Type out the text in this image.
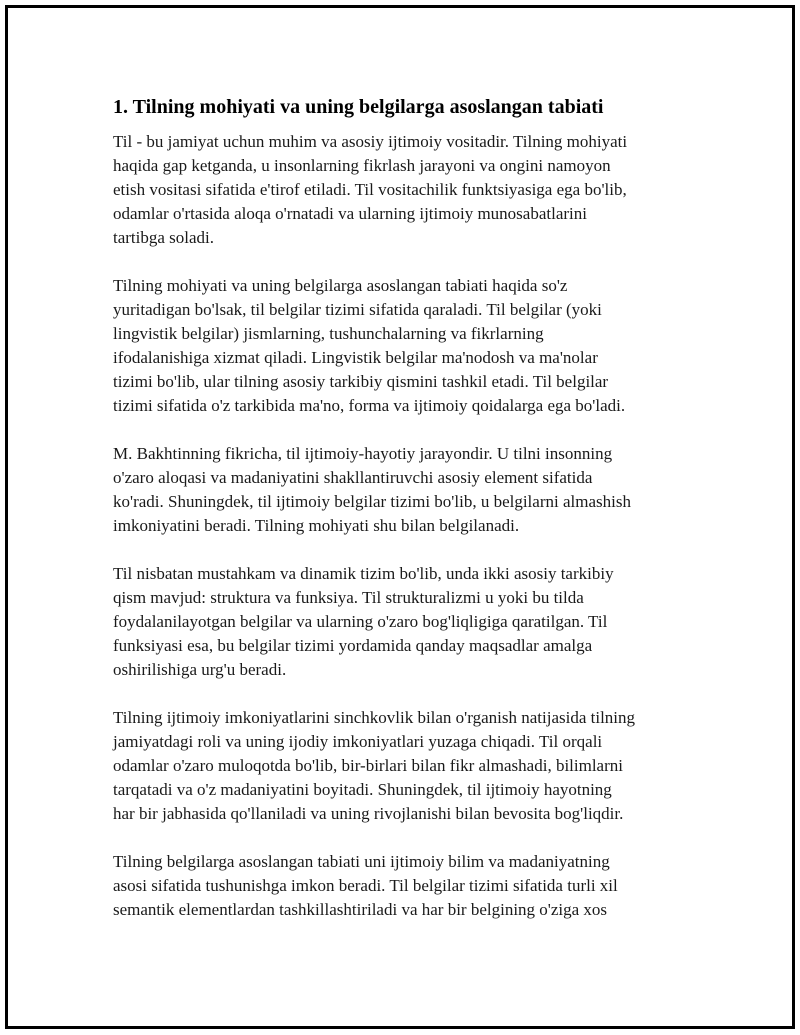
1. Tilning mohiyati va uning belgilarga asoslangan tabiati
Til - bu jamiyat uchun muhim va asosiy ijtimoiy vositadir. Tilning mohiyati
haqida gap ketganda, u insonlarning fikrlash jarayoni va ongini namoyon
etish vositasi sifatida e'tirof etiladi. Til vositachilik funktsiyasiga ega bo'lib,
odamlar o'rtasida aloqa o'rnatadi va ularning ijtimoiy munosabatlarini
tartibga soladi.
Tilning mohiyati va uning belgilarga asoslangan tabiati haqida so'z
yuritadigan bo'lsak, til belgilar tizimi sifatida qaraladi. Til belgilar (yoki
lingvistik belgilar) jismlarning, tushunchalarning va fikrlarning
ifodalanishiga xizmat qiladi. Lingvistik belgilar ma'nodosh va ma'nolar
tizimi bo'lib, ular tilning asosiy tarkibiy qismini tashkil etadi. Til belgilar
tizimi sifatida o'z tarkibida ma'no, forma va ijtimoiy qoidalarga ega bo'ladi.
M. Bakhtinning fikricha, til ijtimoiy-hayotiy jarayondir. U tilni insonning
o'zaro aloqasi va madaniyatini shakllantiruvchi asosiy element sifatida
ko'radi. Shuningdek, til ijtimoiy belgilar tizimi bo'lib, u belgilarni almashish
imkoniyatini beradi. Tilning mohiyati shu bilan belgilanadi.
Til nisbatan mustahkam va dinamik tizim bo'lib, unda ikki asosiy tarkibiy
qism mavjud: struktura va funksiya. Til strukturalizmi u yoki bu tilda
foydalanilayotgan belgilar va ularning o'zaro bog'liqligiga qaratilgan. Til
funksiyasi esa, bu belgilar tizimi yordamida qanday maqsadlar amalga
oshirilishiga urg'u beradi.
Tilning ijtimoiy imkoniyatlarini sinchkovlik bilan o'rganish natijasida tilning
jamiyatdagi roli va uning ijodiy imkoniyatlari yuzaga chiqadi. Til orqali
odamlar o'zaro muloqotda bo'lib, bir-birlari bilan fikr almashadi, bilimlarni
tarqatadi va o'z madaniyatini boyitadi. Shuningdek, til ijtimoiy hayotning
har bir jabhasida qo'llaniladi va uning rivojlanishi bilan bevosita bog'liqdir.
Tilning belgilarga asoslangan tabiati uni ijtimoiy bilim va madaniyatning
asosi sifatida tushunishga imkon beradi. Til belgilar tizimi sifatida turli xil
semantik elementlardan tashkillashtiriladi va har bir belgining o'ziga xos
